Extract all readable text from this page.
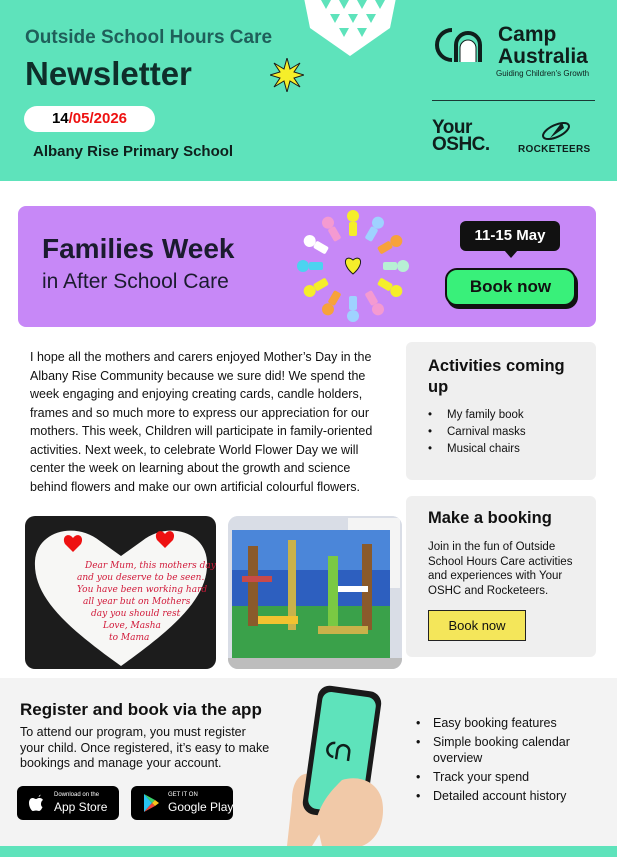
Outside School Hours Care
Newsletter
14/05/2026
Albany Rise Primary School
Camp Australia
Guiding Children's Growth
Your OSHC.	ROCKETEERS
Families Week
in After School Care
11-15 May
Book now
I hope all the mothers and carers enjoyed Mother’s Day in the Albany Rise Community because we sure did! We spend the week engaging and enjoying creating cards, candle holders, frames and so much more to express our appreciation for our mothers. This week, Children will participate in family-oriented activities. Next week, to celebrate World Flower Day we will center the week on learning about the growth and science behind flowers and make our own artificial colourful flowers.
Dear Mum, this mothers day
and you deserve to be seen.
You have been working hard
all year but on Mothers
day you should rest
Love, Masha
to Mama
Activities coming up
• My family book
• Carnival masks
• Musical chairs
Make a booking
Join in the fun of Outside School Hours Care activities and experiences with Your OSHC and Rocketeers.
Book now
Register and book via the app
To attend our program, you must register your child. Once registered, it’s easy to make bookings and manage your account.
Download on the
App Store
GET IT ON
Google Play
• Easy booking features
• Simple booking calendar overview
• Track your spend
• Detailed account history
